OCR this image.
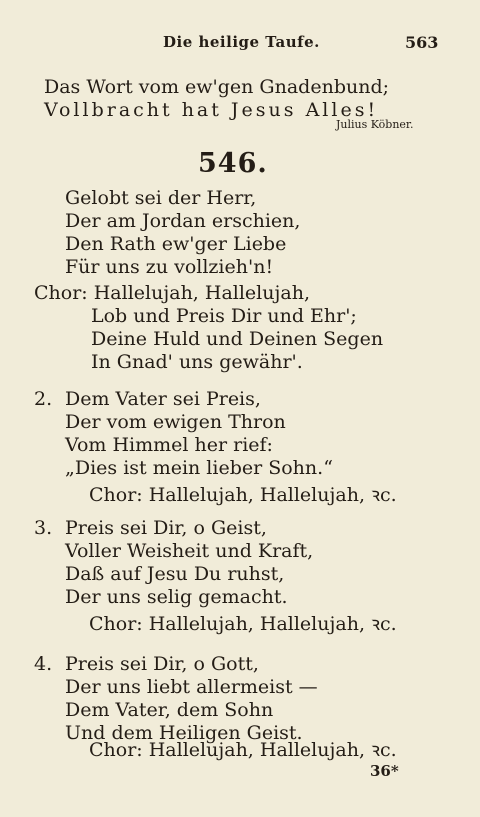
Die heilige Taufe.	563
Das Wort vom ew'gen Gnadenbund;
Vollbracht hat Jesus Alles!
Julius Köbner.
546.
Gelobt sei der Herr,
Der am Jordan erschien,
Den Rath ew'ger Liebe
Für uns zu vollzieh'n!
Chor: Hallelujah, Hallelujah,
Lob und Preis Dir und Ehr';
Deine Huld und Deinen Segen
In Gnad' uns gewähr'.
2. Dem Vater sei Preis,
Der vom ewigen Thron
Vom Himmel her rief:
„Dies ist mein lieber Sohn.“
Chor: Hallelujah, Hallelujah, ꝛc.
3. Preis sei Dir, o Geist,
Voller Weisheit und Kraft,
Daß auf Jesu Du ruhst,
Der uns selig gemacht.
Chor: Hallelujah, Hallelujah, ꝛc.
4. Preis sei Dir, o Gott,
Der uns liebt allermeist —
Dem Vater, dem Sohn
Und dem Heiligen Geist.
Chor: Hallelujah, Hallelujah, ꝛc.
36*
